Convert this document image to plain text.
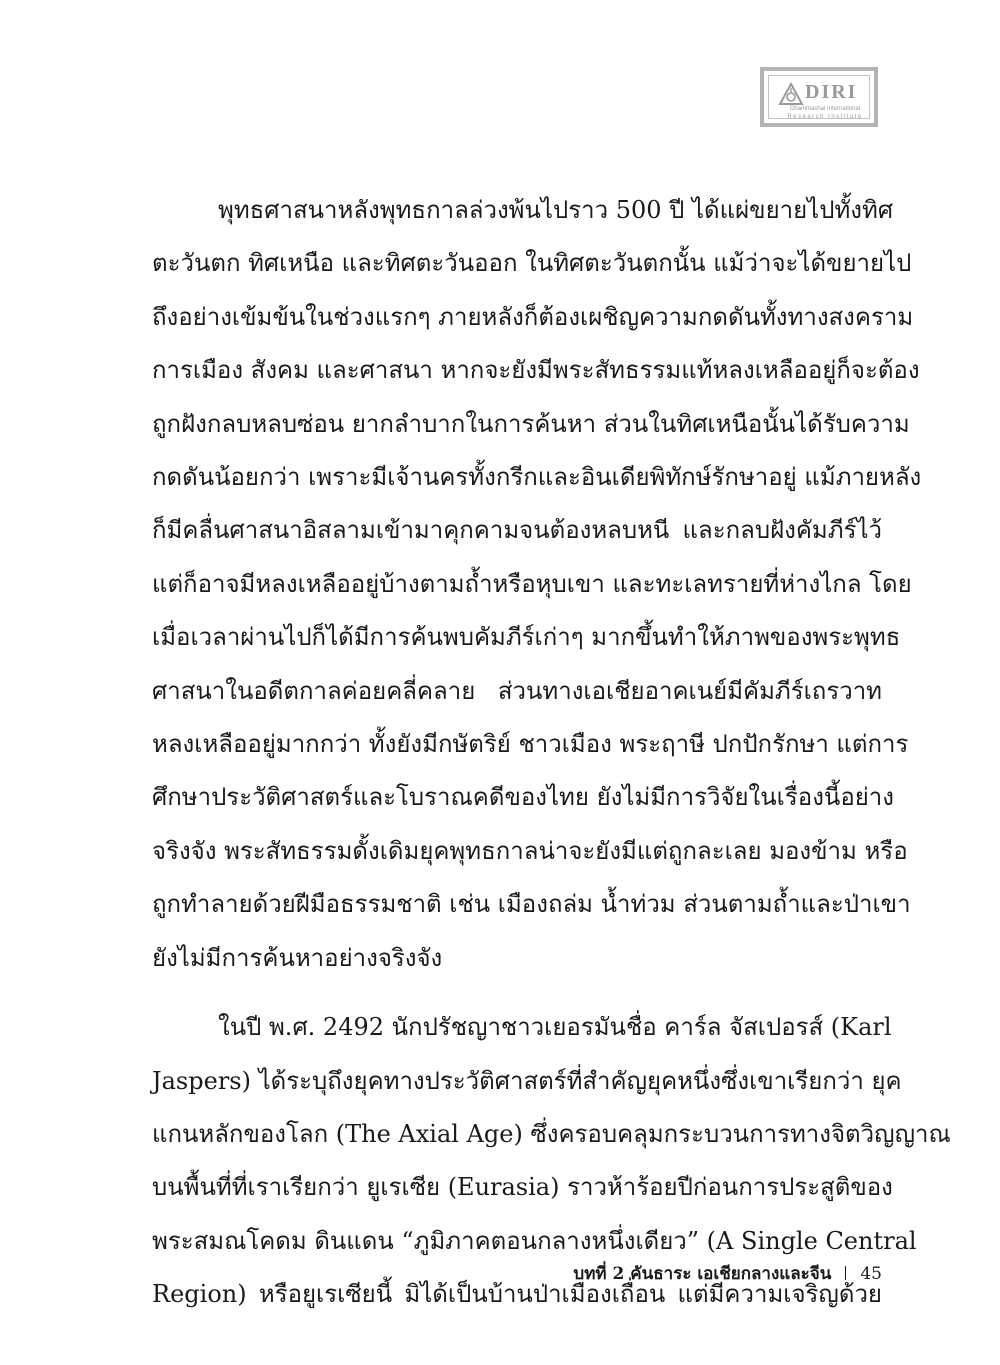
DIRI
Dhammachai International
Research Institute

พุทธศาสนาหลังพุทธกาลล่วงพ้นไปราว 500 ปี ได้แผ่ขยายไปทั้งทิศ
ตะวันตก ทิศเหนือ และทิศตะวันออก ในทิศตะวันตกนั้น แม้ว่าจะได้ขยายไป
ถึงอย่างเข้มข้นในช่วงแรกๆ ภายหลังก็ต้องเผชิญความกดดันทั้งทางสงคราม
การเมือง สังคม และศาสนา หากจะยังมีพระสัทธรรมแท้หลงเหลืออยู่ก็จะต้อง
ถูกฝังกลบหลบซ่อน ยากลำบากในการค้นหา ส่วนในทิศเหนือนั้นได้รับความ
กดดันน้อยกว่า เพราะมีเจ้านครทั้งกรีกและอินเดียพิทักษ์รักษาอยู่ แม้ภายหลัง
ก็มีคลื่นศาสนาอิสลามเข้ามาคุกคามจนต้องหลบหนี และกลบฝังคัมภีร์ไว้
แต่ก็อาจมีหลงเหลืออยู่บ้างตามถ้ำหรือหุบเขา และทะเลทรายที่ห่างไกล โดย
เมื่อเวลาผ่านไปก็ได้มีการค้นพบคัมภีร์เก่าๆ มากขึ้นทำให้ภาพของพระพุทธ
ศาสนาในอดีตกาลค่อยคลี่คลาย ส่วนทางเอเชียอาคเนย์มีคัมภีร์เถรวาท
หลงเหลืออยู่มากกว่า ทั้งยังมีกษัตริย์ ชาวเมือง พระฤาษี ปกปักรักษา แต่การ
ศึกษาประวัติศาสตร์และโบราณคดีของไทย ยังไม่มีการวิจัยในเรื่องนี้อย่าง
จริงจัง พระสัทธรรมดั้งเดิมยุคพุทธกาลน่าจะยังมีแต่ถูกละเลย มองข้าม หรือ
ถูกทำลายด้วยฝีมือธรรมชาติ เช่น เมืองถล่ม น้ำท่วม ส่วนตามถ้ำและป่าเขา
ยังไม่มีการค้นหาอย่างจริงจัง

ในปี พ.ศ. 2492 นักปรัชญาชาวเยอรมันชื่อ คาร์ล จัสเปอรส์ (Karl
Jaspers) ได้ระบุถึงยุคทางประวัติศาสตร์ที่สำคัญยุคหนึ่งซึ่งเขาเรียกว่า ยุค
แกนหลักของโลก (The Axial Age) ซึ่งครอบคลุมกระบวนการทางจิตวิญญาณ
บนพื้นที่ที่เราเรียกว่า ยูเรเซีย (Eurasia) ราวห้าร้อยปีก่อนการประสูติของ
พระสมณโคดม ดินแดน “ภูมิภาคตอนกลางหนึ่งเดียว” (A Single Central
Region) หรือยูเรเซียนี้ มิได้เป็นบ้านป่าเมืองเถื่อน แต่มีความเจริญด้วย

บทที่ 2 คันธาระ เอเชียกลางและจีน 45
